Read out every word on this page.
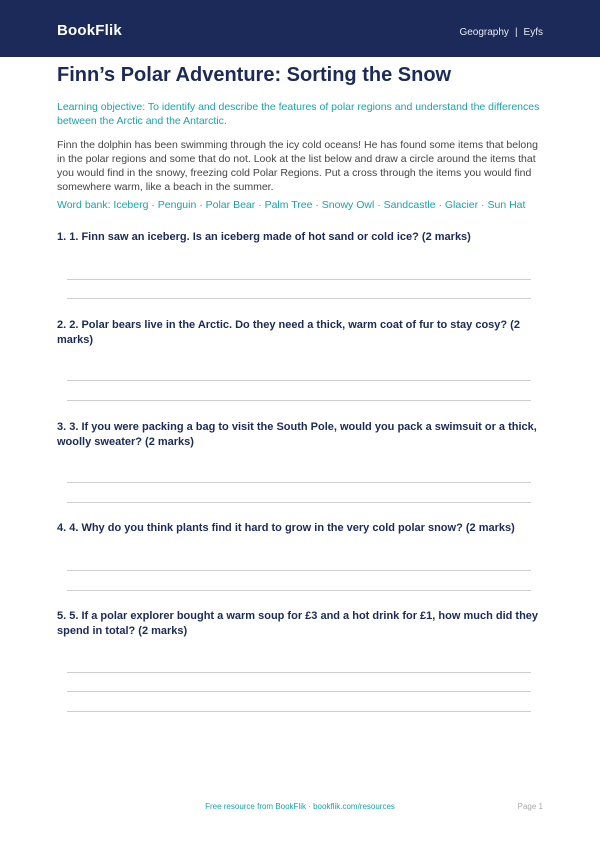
BookFlik	Geography | Eyfs
Finn’s Polar Adventure: Sorting the Snow
Learning objective: To identify and describe the features of polar regions and understand the differences between the Arctic and the Antarctic.
Finn the dolphin has been swimming through the icy cold oceans! He has found some items that belong in the polar regions and some that do not. Look at the list below and draw a circle around the items that you would find in the snowy, freezing cold Polar Regions. Put a cross through the items you would find somewhere warm, like a beach in the summer.
Word bank: Iceberg · Penguin · Polar Bear · Palm Tree · Snowy Owl · Sandcastle · Glacier · Sun Hat
1. 1. Finn saw an iceberg. Is an iceberg made of hot sand or cold ice? (2 marks)
2. 2. Polar bears live in the Arctic. Do they need a thick, warm coat of fur to stay cosy? (2 marks)
3. 3. If you were packing a bag to visit the South Pole, would you pack a swimsuit or a thick, woolly sweater? (2 marks)
4. 4. Why do you think plants find it hard to grow in the very cold polar snow? (2 marks)
5. 5. If a polar explorer bought a warm soup for £3 and a hot drink for £1, how much did they spend in total? (2 marks)
Free resource from BookFlik · bookflik.com/resources	Page 1
